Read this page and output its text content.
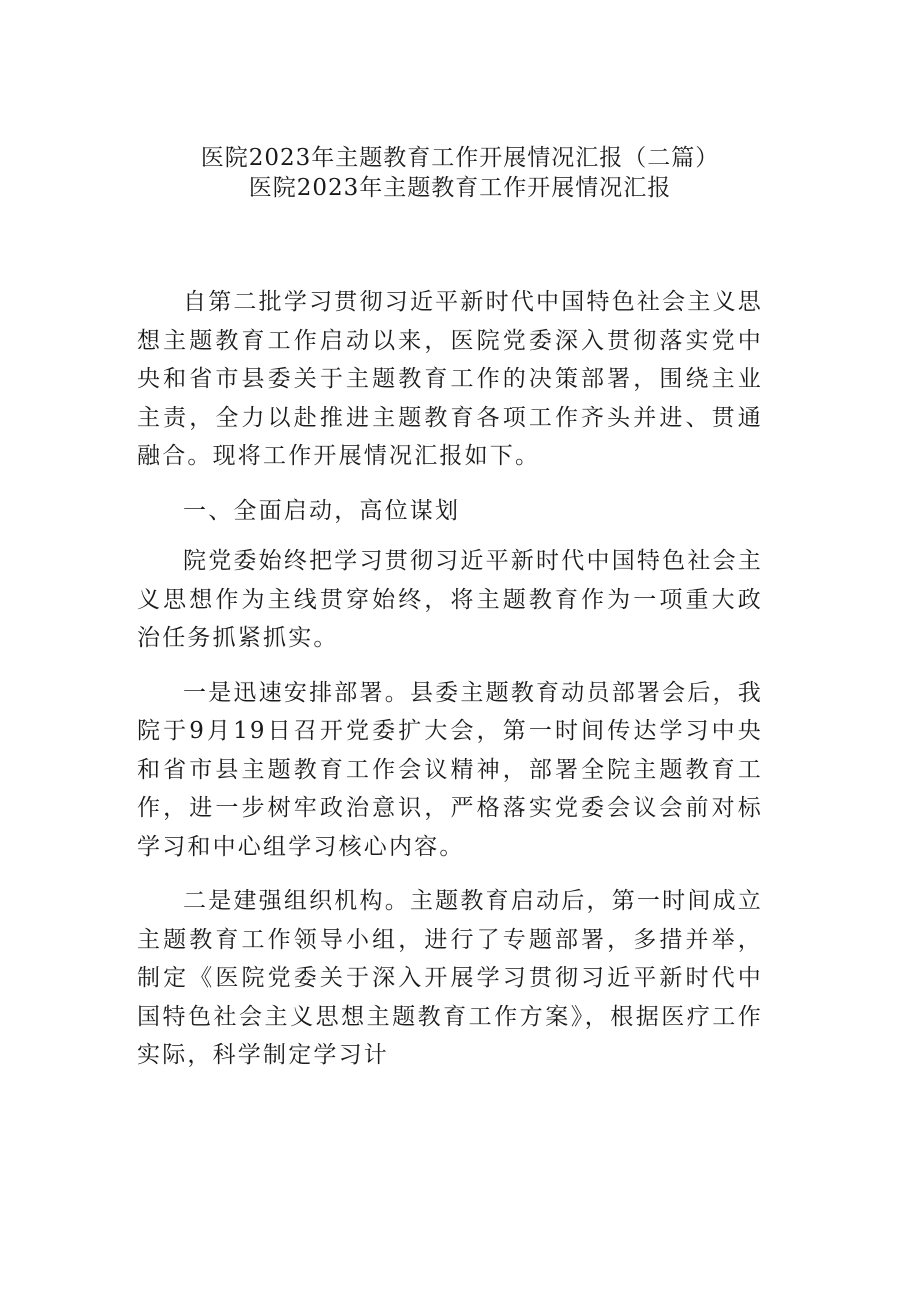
医院2023年主题教育工作开展情况汇报（二篇）
医院2023年主题教育工作开展情况汇报

自第二批学习贯彻习近平新时代中国特色社会主义思想主题教育工作启动以来，医院党委深入贯彻落实党中央和省市县委关于主题教育工作的决策部署，围绕主业主责，全力以赴推进主题教育各项工作齐头并进、贯通融合。现将工作开展情况汇报如下。

一、全面启动，高位谋划

院党委始终把学习贯彻习近平新时代中国特色社会主义思想作为主线贯穿始终，将主题教育作为一项重大政治任务抓紧抓实。

一是迅速安排部署。县委主题教育动员部署会后，我院于9月19日召开党委扩大会，第一时间传达学习中央和省市县主题教育工作会议精神，部署全院主题教育工作，进一步树牢政治意识，严格落实党委会议会前对标学习和中心组学习核心内容。

二是建强组织机构。主题教育启动后，第一时间成立主题教育工作领导小组，进行了专题部署，多措并举，制定《医院党委关于深入开展学习贯彻习近平新时代中国特色社会主义思想主题教育工作方案》，根据医疗工作实际，科学制定学习计
